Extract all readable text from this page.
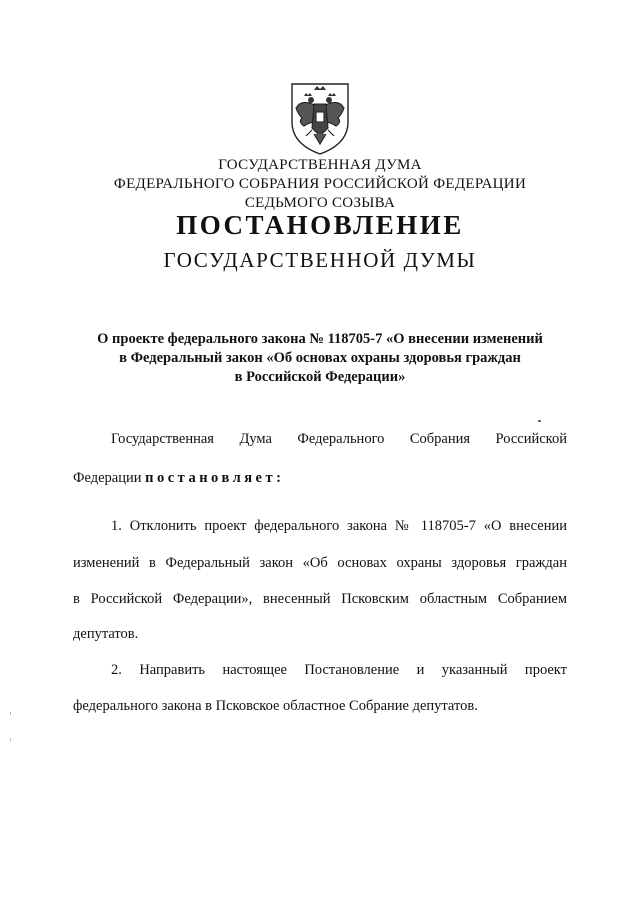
ГОСУДАРСТВЕННАЯ ДУМА
ФЕДЕРАЛЬНОГО СОБРАНИЯ РОССИЙСКОЙ ФЕДЕРАЦИИ
СЕДЬМОГО СОЗЫВА
ПОСТАНОВЛЕНИЕ
ГОСУДАРСТВЕННОЙ ДУМЫ
О проекте федерального закона № 118705-7 «О внесении изменений
в Федеральный закон «Об основах охраны здоровья граждан
в Российской Федерации»
Государственная Дума Федерального Собрания Российской
Федерации постановляет:
1. Отклонить проект федерального закона № 118705-7 «О внесении
изменений в Федеральный закон «Об основах охраны здоровья граждан
в Российской Федерации», внесенный Псковским областным Собранием
депутатов.
2. Направить настоящее Постановление и указанный проект
федерального закона в Псковское областное Собрание депутатов.
